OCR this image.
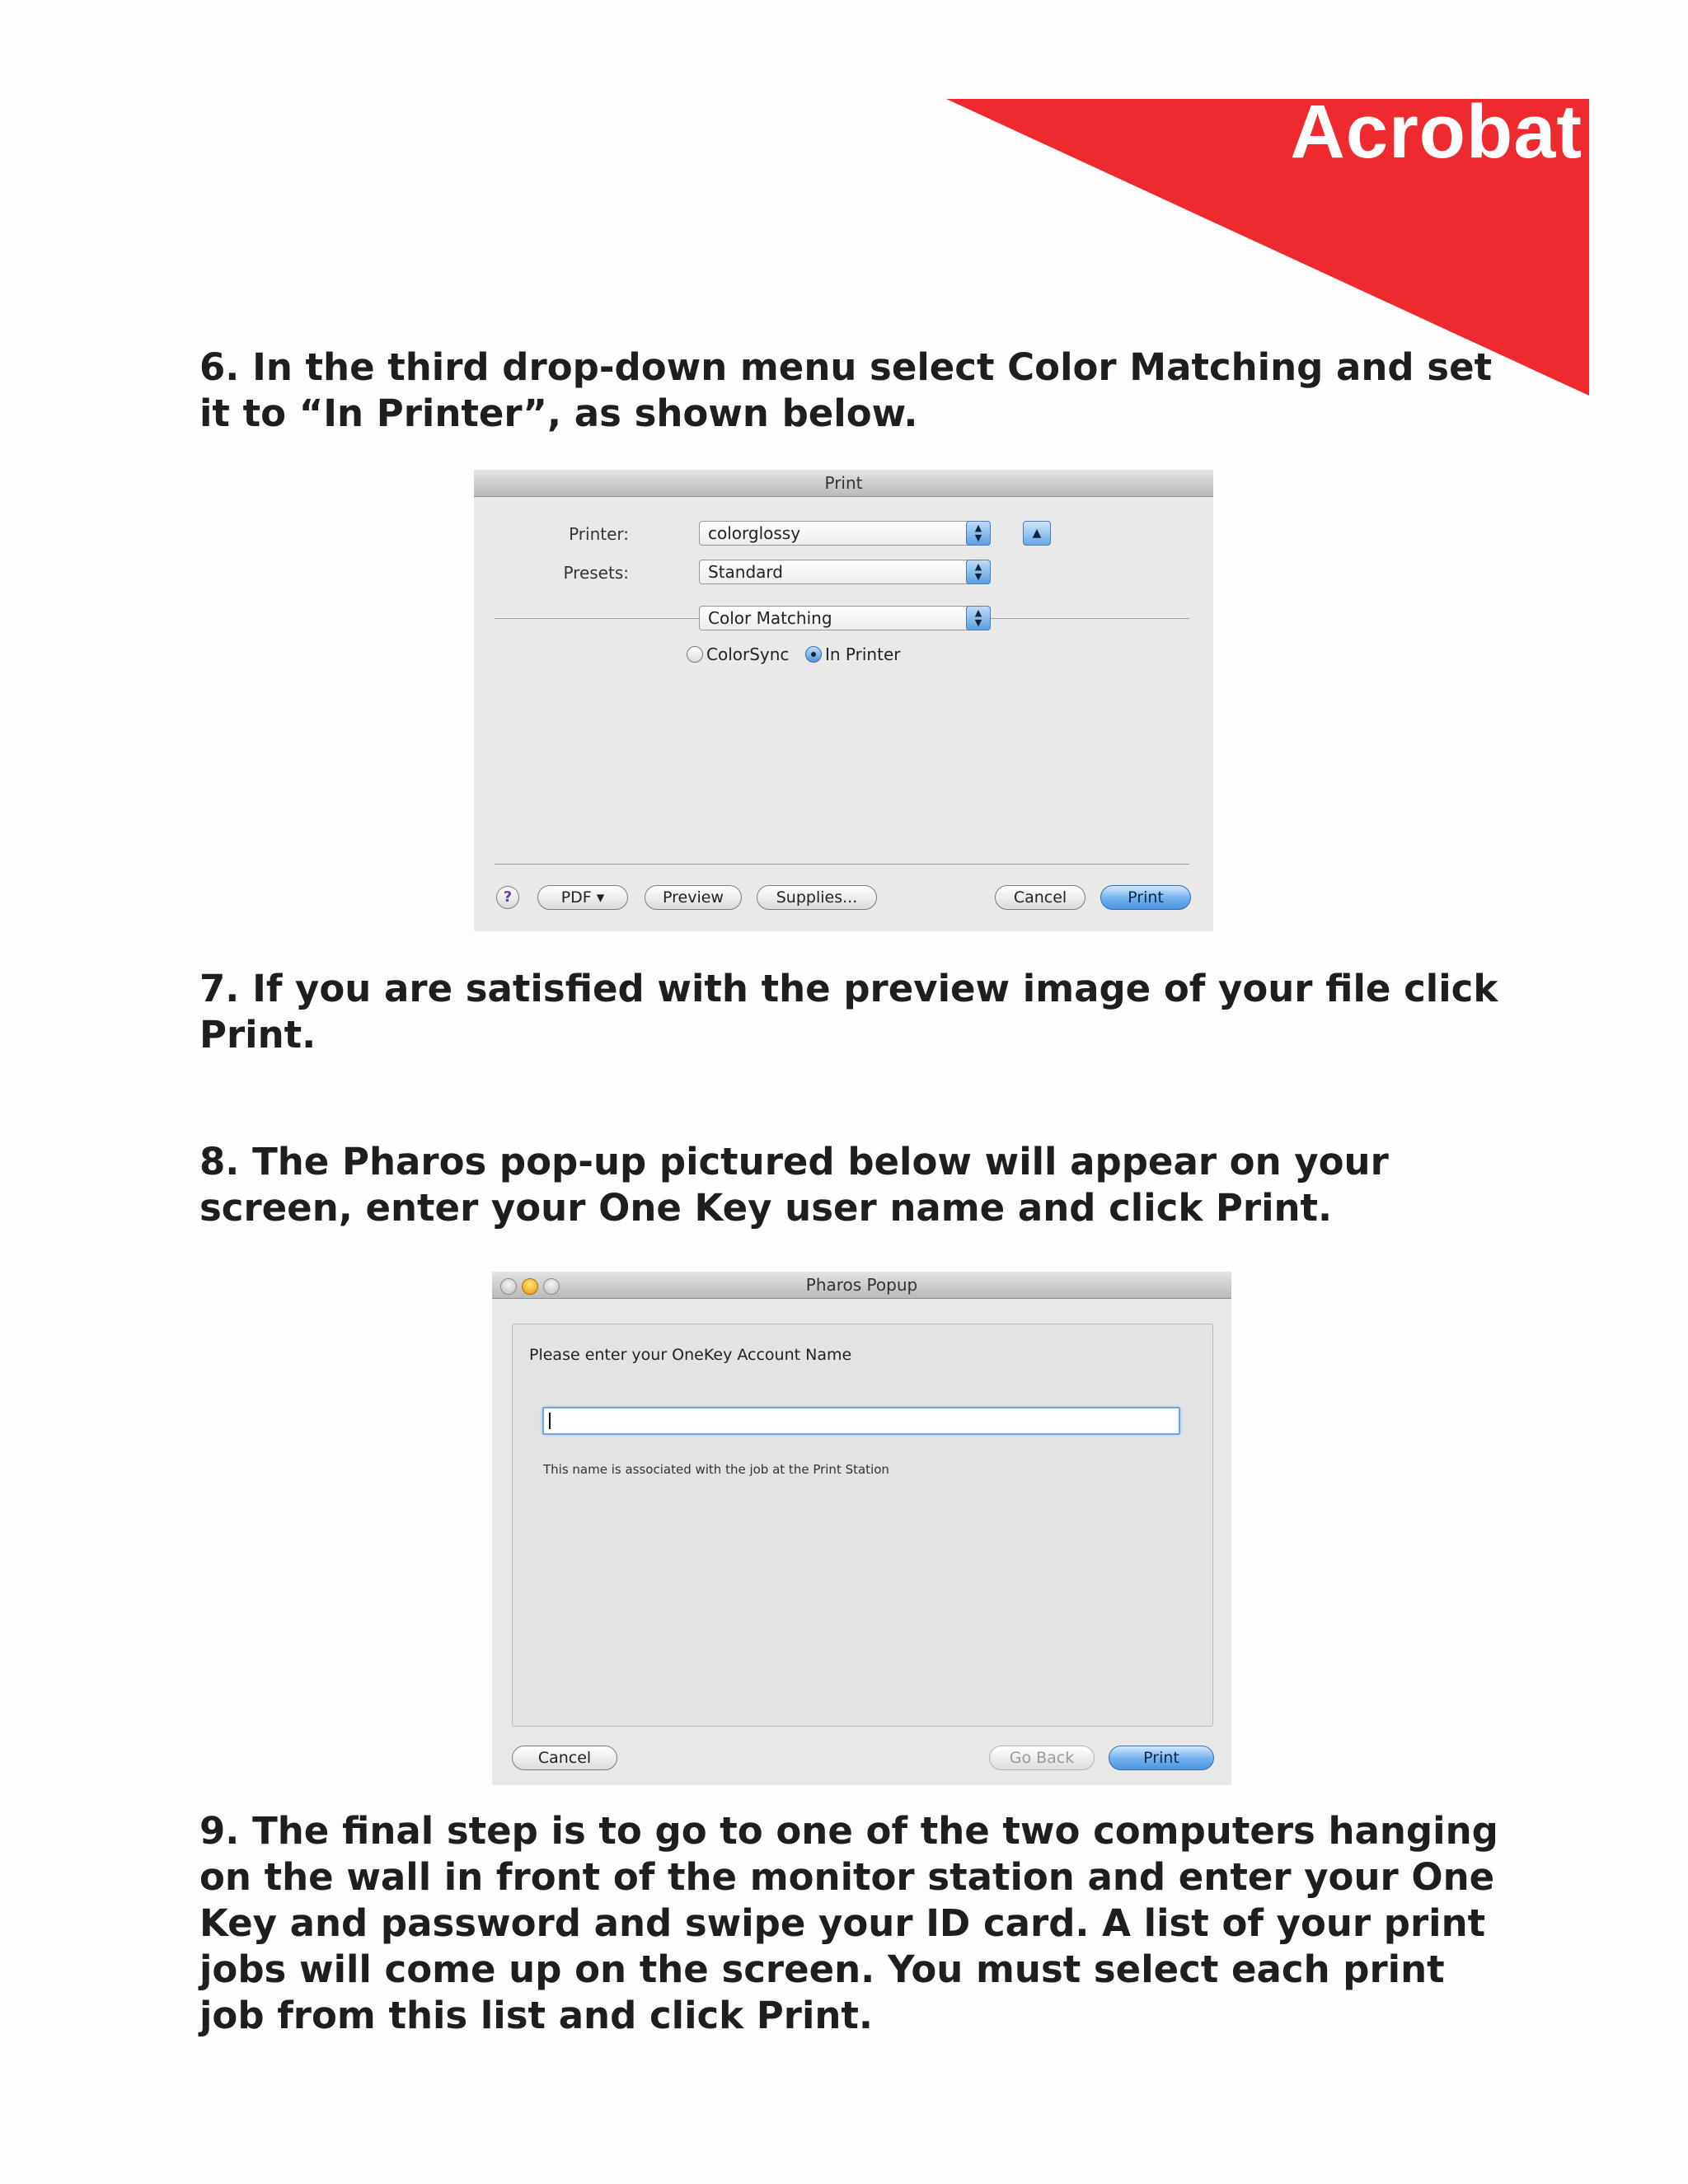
Acrobat

6. In the third drop-down menu select Color Matching and set it to “In Printer”, as shown below.

Print
Printer:	colorglossy	▲
▼	▲
Presets:	Standard	▲
▼
Color Matching	▲
▼
ColorSync In Printer
?	PDF ▾	Preview	Supplies...	Cancel	Print

7. If you are satisfied with the preview image of your file click Print.

8. The Pharos pop-up pictured below will appear on your screen, enter your One Key user name and click Print.

Pharos Popup
Please enter your OneKey Account Name
This name is associated with the job at the Print Station
Cancel	Go Back	Print

9. The final step is to go to one of the two computers hanging on the wall in front of the monitor station and enter your One Key and password and swipe your ID card. A list of your print jobs will come up on the screen. You must select each print job from this list and click Print.
